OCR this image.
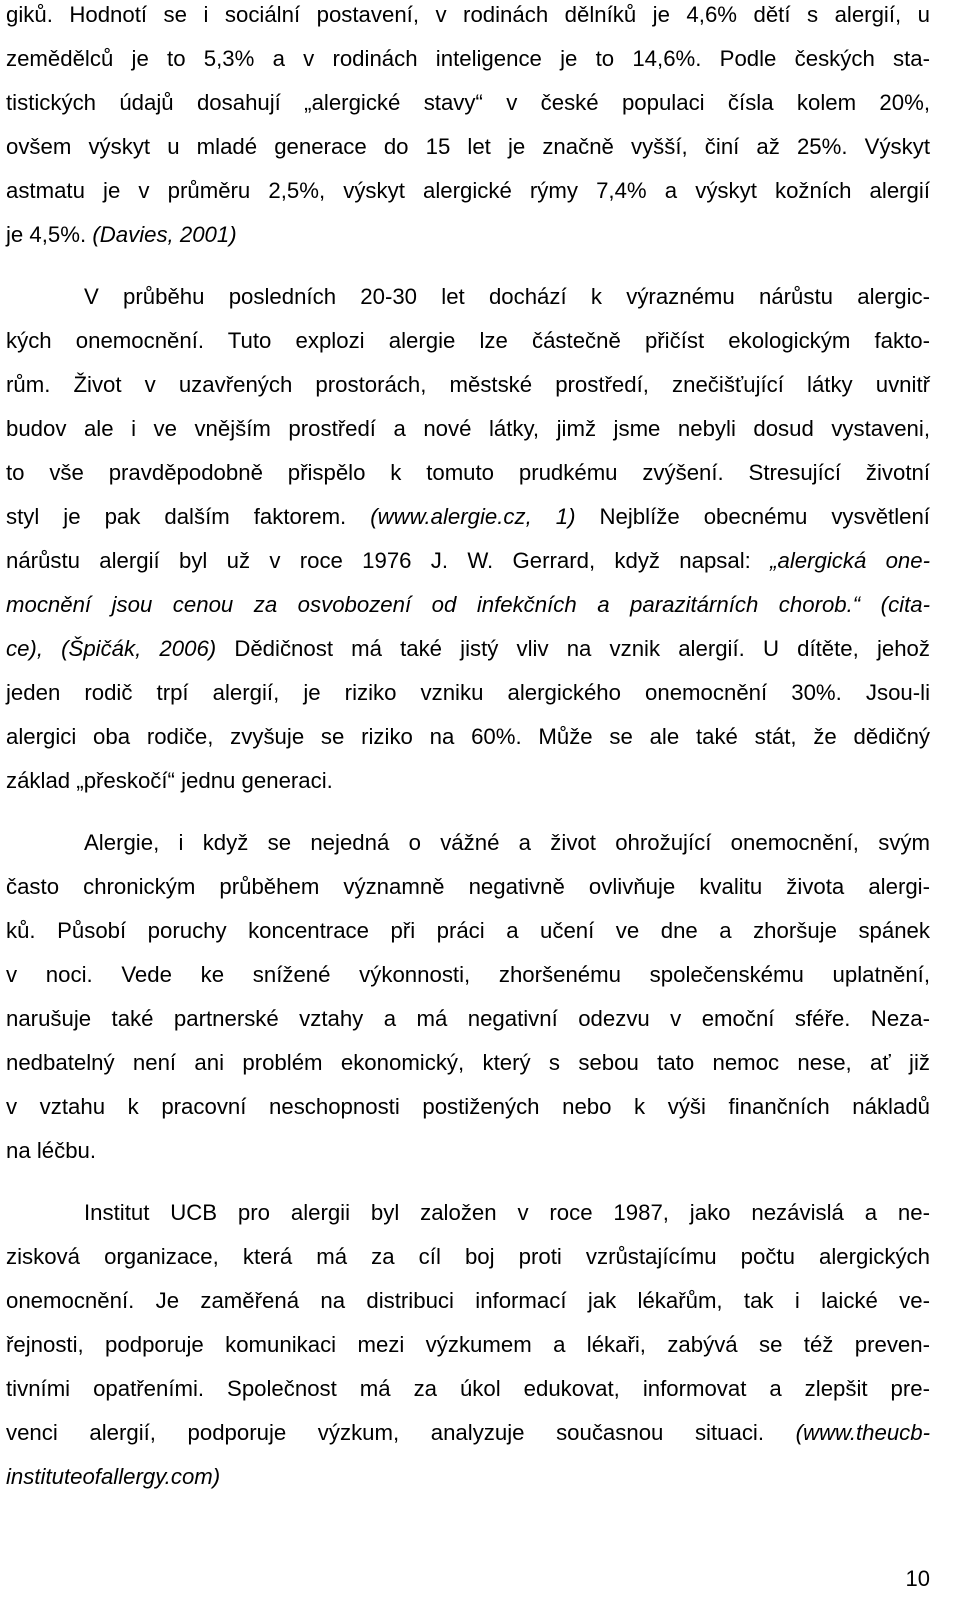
giků. Hodnotí se i sociální postavení, v rodinách dělníků je 4,6% dětí s alergií, u
zemědělců je to 5,3% a v rodinách inteligence je to 14,6%. Podle českých sta-
tistických údajů dosahují „alergické stavy“ v české populaci čísla kolem 20%,
ovšem výskyt u mladé generace do 15 let je značně vyšší, činí až 25%. Výskyt
astmatu je v průměru 2,5%, výskyt alergické rýmy 7,4% a výskyt kožních alergií
je 4,5%. (Davies, 2001)
V průběhu posledních 20-30 let dochází k výraznému nárůstu alergic-
kých onemocnění. Tuto explozi alergie lze částečně přičíst ekologickým fakto-
rům. Život v uzavřených prostorách, městské prostředí, znečišťující látky uvnitř
budov ale i ve vnějším prostředí a nové látky, jimž jsme nebyli dosud vystaveni,
to vše pravděpodobně přispělo k tomuto prudkému zvýšení. Stresující životní
styl je pak dalším faktorem. (www.alergie.cz, 1) Nejblíže obecnému vysvětlení
nárůstu alergií byl už v roce 1976 J. W. Gerrard, když napsal: „alergická one-
mocnění jsou cenou za osvobození od infekčních a parazitárních chorob.“ (cita-
ce), (Špičák, 2006) Dědičnost má také jistý vliv na vznik alergií. U dítěte, jehož
jeden rodič trpí alergií, je riziko vzniku alergického onemocnění 30%. Jsou-li
alergici oba rodiče, zvyšuje se riziko na 60%. Může se ale také stát, že dědičný
základ „přeskočí“ jednu generaci.
Alergie, i když se nejedná o vážné a život ohrožující onemocnění, svým
často chronickým průběhem významně negativně ovlivňuje kvalitu života alergi-
ků. Působí poruchy koncentrace při práci a učení ve dne a zhoršuje spánek
v noci. Vede ke snížené výkonnosti, zhoršenému společenskému uplatnění,
narušuje také partnerské vztahy a má negativní odezvu v emoční sféře. Neza-
nedbatelný není ani problém ekonomický, který s sebou tato nemoc nese, ať již
v vztahu k pracovní neschopnosti postižených nebo k výši finančních nákladů
na léčbu.
Institut UCB pro alergii byl založen v roce 1987, jako nezávislá a ne-
zisková organizace, která má za cíl boj proti vzrůstajícímu počtu alergických
onemocnění. Je zaměřená na distribuci informací jak lékařům, tak i laické ve-
řejnosti, podporuje komunikaci mezi výzkumem a lékaři, zabývá se též preven-
tivními opatřeními. Společnost má za úkol edukovat, informovat a zlepšit pre-
venci alergií, podporuje výzkum, analyzuje současnou situaci. (www.theucb-
instituteofallergy.com)
10
